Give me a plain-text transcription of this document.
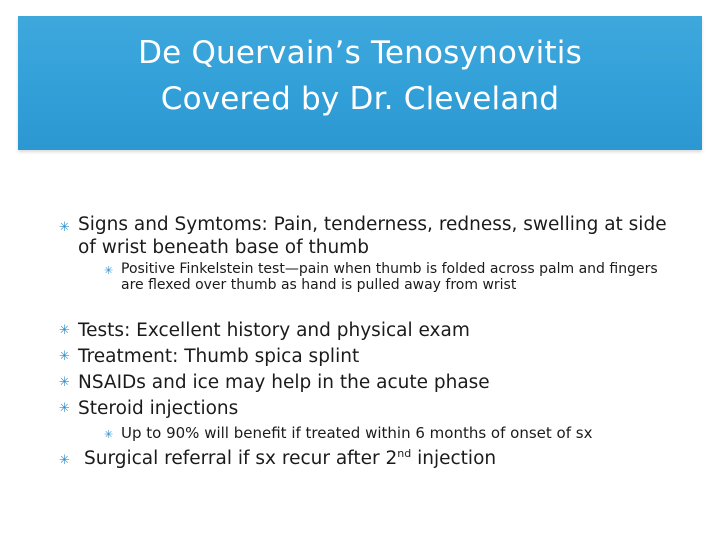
De Quervain’s Tenosynovitis
Covered by Dr. Cleveland
✳ Signs and Symtoms: Pain, tenderness, redness, swelling at side of wrist beneath base of thumb
✳ Positive Finkelstein test—pain when thumb is folded across palm and fingers are flexed over thumb as hand is pulled away from wrist
✳ Tests: Excellent history and physical exam
✳ Treatment: Thumb spica splint
✳ NSAIDs and ice may help in the acute phase
✳ Steroid injections
✳ Up to 90% will benefit if treated within 6 months of onset of sx
✳ Surgical referral if sx recur after 2nd injection
